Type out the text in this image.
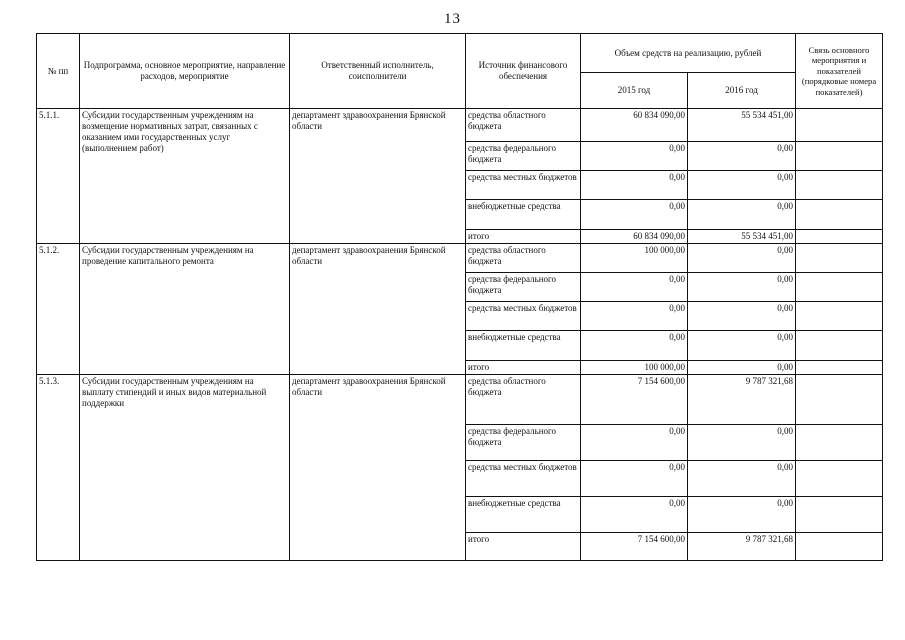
13
№ пп	Подпрограмма, основное мероприятие, направление расходов, мероприятие	Ответственный исполнитель, соисполнители	Источник финансового обеспечения	Объем средств на реализацию, рублей		Связь основного мероприятия и показателей (порядковые номера показателей)
				2015 год	2016 год	
5.1.1.	Субсидии государственным учреждениям на возмещение нормативных затрат, связанных с оказанием ими государственных услуг (выполнением работ)	департамент здравоохранения Брянской области	средства областного бюджета	60 834 090,00	55 534 451,00	
			средства федерального бюджета	0,00	0,00	
			средства местных бюджетов	0,00	0,00	
			внебюджетные средства	0,00	0,00	
			итого	60 834 090,00	55 534 451,00	
5.1.2.	Субсидии государственным учреждениям на проведение капитального ремонта	департамент здравоохранения Брянской области	средства областного бюджета	100 000,00	0,00	
			средства федерального бюджета	0,00	0,00	
			средства местных бюджетов	0,00	0,00	
			внебюджетные средства	0,00	0,00	
			итого	100 000,00	0,00	
5.1.3.	Субсидии государственным учреждениям на выплату стипендий и иных видов материальной поддержки	департамент здравоохранения Брянской области	средства областного бюджета	7 154 600,00	9 787 321,68	
			средства федерального бюджета	0,00	0,00	
			средства местных бюджетов	0,00	0,00	
			внебюджетные средства	0,00	0,00	
			итого	7 154 600,00	9 787 321,68	
